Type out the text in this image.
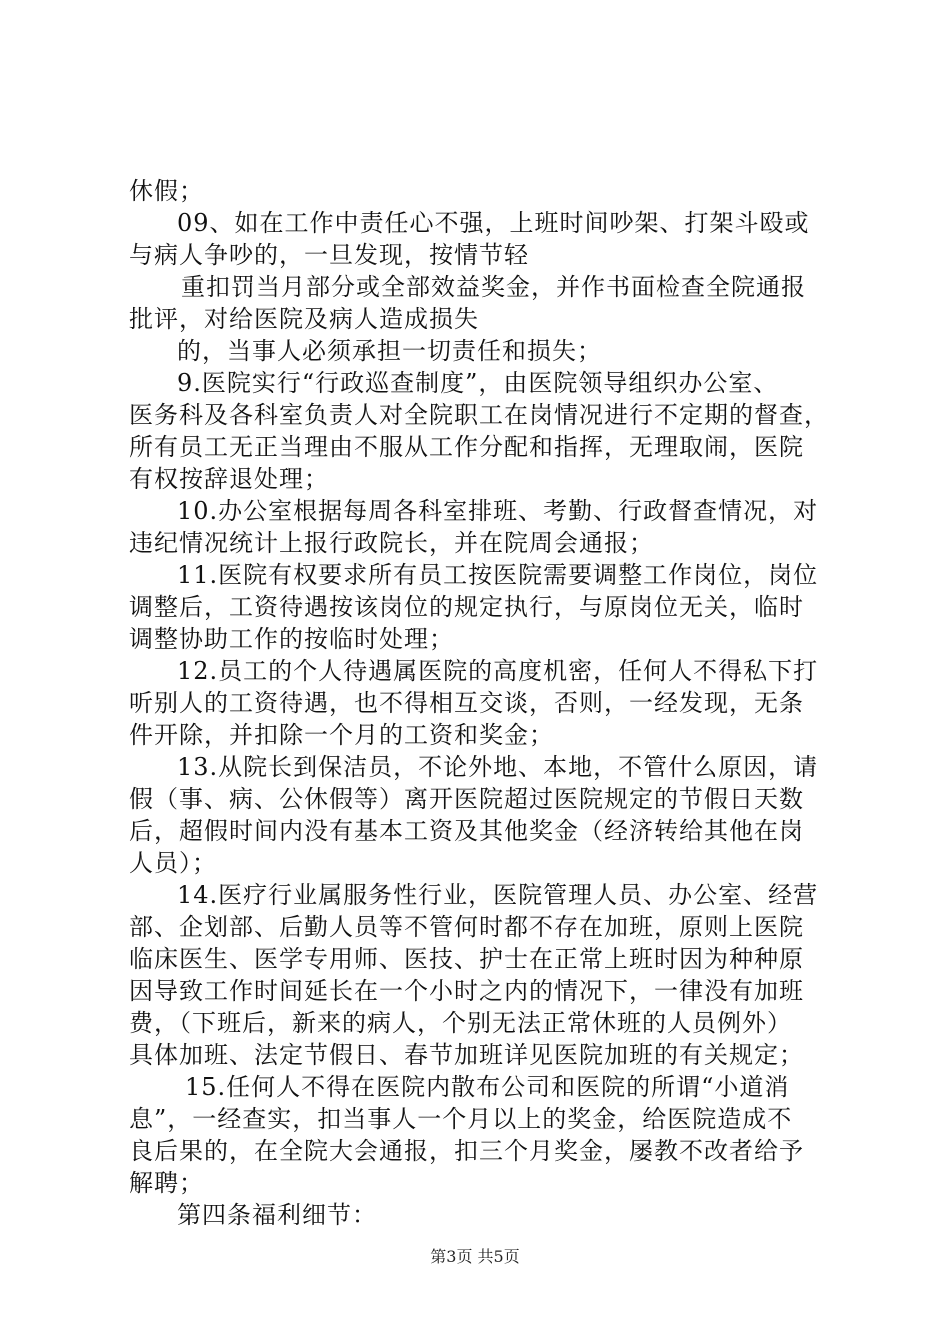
休假；
09、如在工作中责任心不强，上班时间吵架、打架斗殴或
与病人争吵的，一旦发现，按情节轻
重扣罚当月部分或全部效益奖金，并作书面检查全院通报
批评，对给医院及病人造成损失
的，当事人必须承担一切责任和损失；
9.医院实行“行政巡查制度”，由医院领导组织办公室、
医务科及各科室负责人对全院职工在岗情况进行不定期的督查，
所有员工无正当理由不服从工作分配和指挥，无理取闹，医院
有权按辞退处理；
10.办公室根据每周各科室排班、考勤、行政督查情况，对
违纪情况统计上报行政院长，并在院周会通报；
11.医院有权要求所有员工按医院需要调整工作岗位，岗位
调整后，工资待遇按该岗位的规定执行，与原岗位无关，临时
调整协助工作的按临时处理；
12.员工的个人待遇属医院的高度机密，任何人不得私下打
听别人的工资待遇，也不得相互交谈，否则，一经发现，无条
件开除，并扣除一个月的工资和奖金；
13.从院长到保洁员，不论外地、本地，不管什么原因，请
假（事、病、公休假等）离开医院超过医院规定的节假日天数
后，超假时间内没有基本工资及其他奖金（经济转给其他在岗
人员）；
14.医疗行业属服务性行业，医院管理人员、办公室、经营
部、企划部、后勤人员等不管何时都不存在加班，原则上医院
临床医生、医学专用师、医技、护士在正常上班时因为种种原
因导致工作时间延长在一个小时之内的情况下，一律没有加班
费，（下班后，新来的病人，个别无法正常休班的人员例外）
具体加班、法定节假日、春节加班详见医院加班的有关规定；
15.任何人不得在医院内散布公司和医院的所谓“小道消
息”，一经查实，扣当事人一个月以上的奖金，给医院造成不
良后果的，在全院大会通报，扣三个月奖金，屡教不改者给予
解聘；
第四条福利细节：
第3页 共5页
